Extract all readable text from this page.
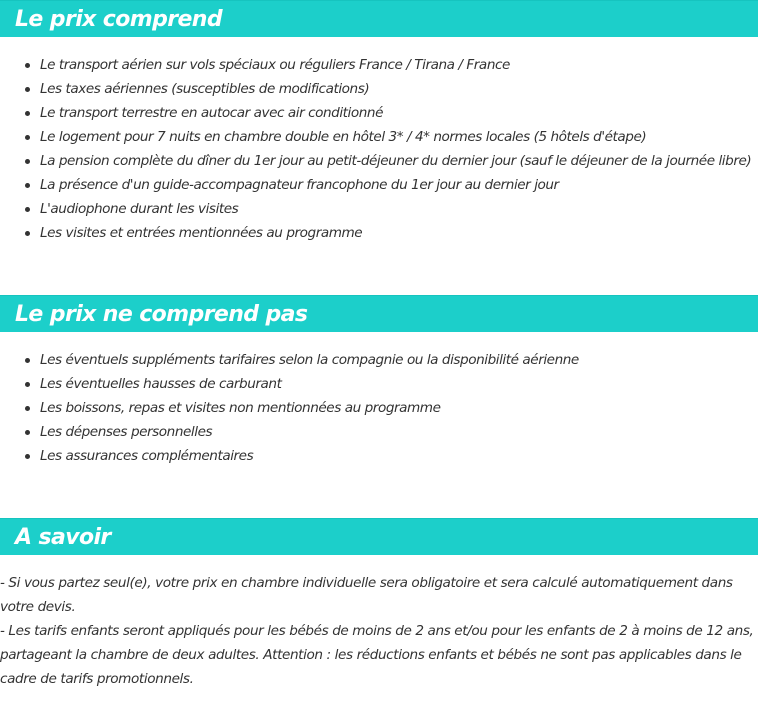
Le prix comprend
Le transport aérien sur vols spéciaux ou réguliers France / Tirana / France
Les taxes aériennes (susceptibles de modifications)
Le transport terrestre en autocar avec air conditionné
Le logement pour 7 nuits en chambre double en hôtel 3* / 4* normes locales (5 hôtels d'étape)
La pension complète du dîner du 1er jour au petit-déjeuner du dernier jour (sauf le déjeuner de la journée libre)
La présence d'un guide-accompagnateur francophone du 1er jour au dernier jour
L'audiophone durant les visites
Les visites et entrées mentionnées au programme
Le prix ne comprend pas
Les éventuels suppléments tarifaires selon la compagnie ou la disponibilité aérienne
Les éventuelles hausses de carburant
Les boissons, repas et visites non mentionnées au programme
Les dépenses personnelles
Les assurances complémentaires
A savoir

- Si vous partez seul(e), votre prix en chambre individuelle sera obligatoire et sera calculé automatiquement dans votre devis.

- Les tarifs enfants seront appliqués pour les bébés de moins de 2 ans et/ou pour les enfants de 2 à moins de 12 ans, partageant la chambre de deux adultes. Attention : les réductions enfants et bébés ne sont pas applicables dans le cadre de tarifs promotionnels.
